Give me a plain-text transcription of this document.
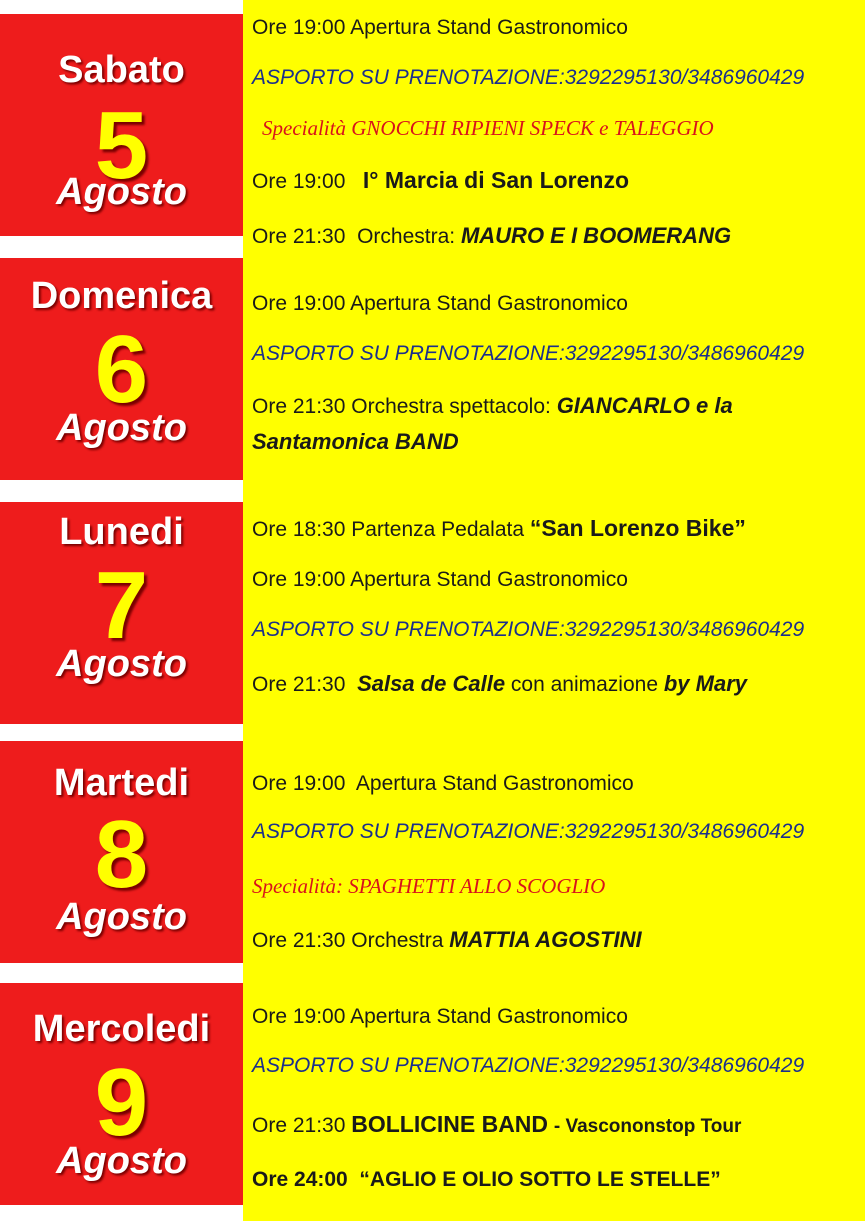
Sabato
5
Agosto
Ore 19:00 Apertura Stand Gastronomico
ASPORTO SU PRENOTAZIONE:3292295130/3486960429
Specialità GNOCCHI RIPIENI SPECK e TALEGGIO
Ore 19:00 I° Marcia di San Lorenzo
Ore 21:30 Orchestra: MAURO E I BOOMERANG
Domenica
6
Agosto
Ore 19:00 Apertura Stand Gastronomico
ASPORTO SU PRENOTAZIONE:3292295130/3486960429
Ore 21:30 Orchestra spettacolo: GIANCARLO e la
Santamonica BAND
Lunedi
7
Agosto
Ore 18:30 Partenza Pedalata “San Lorenzo Bike”
Ore 19:00 Apertura Stand Gastronomico
ASPORTO SU PRENOTAZIONE:3292295130/3486960429
Ore 21:30 Salsa de Calle con animazione by Mary
Martedi
8
Agosto
Ore 19:00 Apertura Stand Gastronomico
ASPORTO SU PRENOTAZIONE:3292295130/3486960429
Specialità: SPAGHETTI ALLO SCOGLIO
Ore 21:30 Orchestra MATTIA AGOSTINI
Mercoledi
9
Agosto
Ore 19:00 Apertura Stand Gastronomico
ASPORTO SU PRENOTAZIONE:3292295130/3486960429
Ore 21:30 BOLLICINE BAND - Vascononstop Tour
Ore 24:00 “AGLIO E OLIO SOTTO LE STELLE”
